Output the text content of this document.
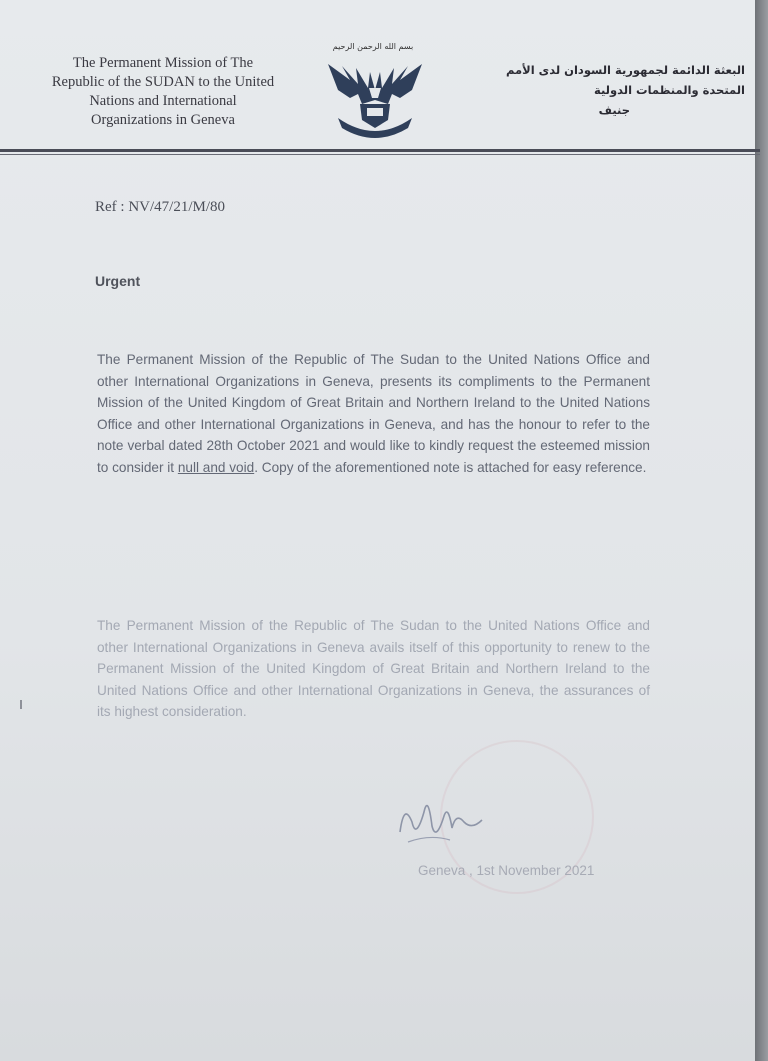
The Permanent Mission of The
Republic of the SUDAN to the United
Nations and International
Organizations in Geneva
بسم الله الرحمن الرحيم
البعثة الدائمة لجمهورية السودان لدى الأمم
المتحدة والمنظمات الدولية
جنيف
Ref : NV/47/21/M/80
Urgent
The Permanent Mission of the Republic of The Sudan to the United Nations Office and other International Organizations in Geneva, presents its compliments to the Permanent Mission of the United Kingdom of Great Britain and Northern Ireland to the United Nations Office and other International Organizations in Geneva, and has the honour to refer to the note verbal dated 28th October 2021 and would like to kindly request the esteemed mission to consider it null and void. Copy of the aforementioned note is attached for easy reference.
The Permanent Mission of the Republic of The Sudan to the United Nations Office and other International Organizations in Geneva avails itself of this opportunity to renew to the Permanent Mission of the United Kingdom of Great Britain and Northern Ireland to the United Nations Office and other International Organizations in Geneva, the assurances of its highest consideration.
Geneva , 1st November 2021
